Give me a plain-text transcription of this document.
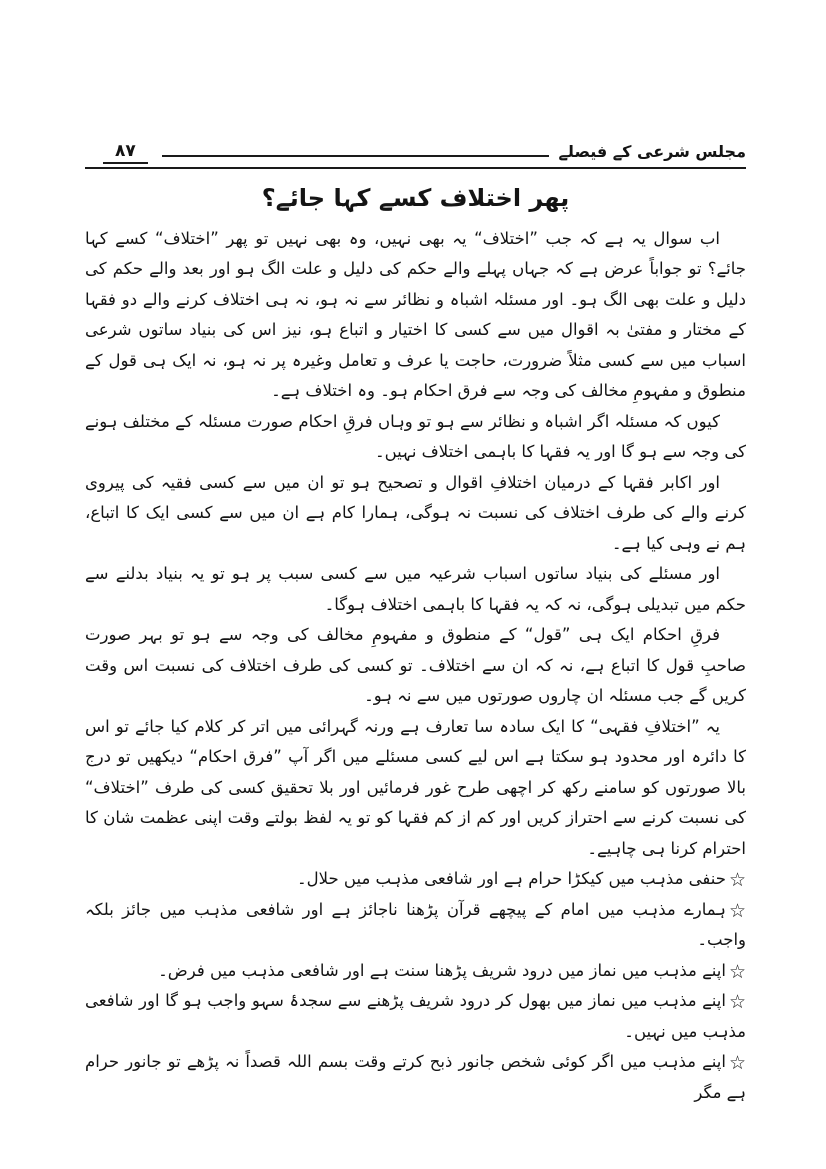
۸۷	مجلس شرعی کے فیصلے
پھر اختلاف کسے کہا جائے؟

اب سوال یہ ہے کہ جب ”اختلاف“ یہ بھی نہیں، وہ بھی نہیں تو پھر ”اختلاف“ کسے کہا جائے؟ تو جواباً عرض ہے کہ جہاں پہلے والے حکم کی دلیل و علت الگ ہو اور بعد والے حکم کی دلیل و علت بھی الگ ہو۔ اور مسئلہ اشباہ و نظائر سے نہ ہو، نہ ہی اختلاف کرنے والے دو فقہا کے مختار و مفتیٰ بہ اقوال میں سے کسی کا اختیار و اتباع ہو، نیز اس کی بنیاد ساتوں شرعی اسباب میں سے کسی مثلاً ضرورت، حاجت یا عرف و تعامل وغیرہ پر نہ ہو، نہ ایک ہی قول کے منطوق و مفہومِ مخالف کی وجہ سے فرق احکام ہو۔ وہ اختلاف ہے۔

کیوں کہ مسئلہ اگر اشباہ و نظائر سے ہو تو وہاں فرقِ احکام صورت مسئلہ کے مختلف ہونے کی وجہ سے ہو گا اور یہ فقہا کا باہمی اختلاف نہیں۔

اور اکابر فقہا کے درمیان اختلافِ اقوال و تصحیح ہو تو ان میں سے کسی فقیہ کی پیروی کرنے والے کی طرف اختلاف کی نسبت نہ ہوگی، ہمارا کام ہے ان میں سے کسی ایک کا اتباع، ہم نے وہی کیا ہے۔

اور مسئلے کی بنیاد ساتوں اسباب شرعیہ میں سے کسی سبب پر ہو تو یہ بنیاد بدلنے سے حکم میں تبدیلی ہوگی، نہ کہ یہ فقہا کا باہمی اختلاف ہوگا۔

فرقِ احکام ایک ہی ”قول“ کے منطوق و مفہومِ مخالف کی وجہ سے ہو تو بہر صورت صاحبِ قول کا اتباع ہے، نہ کہ ان سے اختلاف۔ تو کسی کی طرف اختلاف کی نسبت اس وقت کریں گے جب مسئلہ ان چاروں صورتوں میں سے نہ ہو۔

یہ ”اختلافِ فقہی“ کا ایک سادہ سا تعارف ہے ورنہ گہرائی میں اتر کر کلام کیا جائے تو اس کا دائرہ اور محدود ہو سکتا ہے اس لیے کسی مسئلے میں اگر آپ ”فرق احکام“ دیکھیں تو درج بالا صورتوں کو سامنے رکھ کر اچھی طرح غور فرمائیں اور بلا تحقیق کسی کی طرف ”اختلاف“ کی نسبت کرنے سے احتراز کریں اور کم از کم فقہا کو تو یہ لفظ بولتے وقت اپنی عظمت شان کا احترام کرنا ہی چاہیے۔

☆حنفی مذہب میں کیکڑا حرام ہے اور شافعی مذہب میں حلال۔
☆ہمارے مذہب میں امام کے پیچھے قرآن پڑھنا ناجائز ہے اور شافعی مذہب میں جائز بلکہ واجب۔
☆اپنے مذہب میں نماز میں درود شریف پڑھنا سنت ہے اور شافعی مذہب میں فرض۔
☆اپنے مذہب میں نماز میں بھول کر درود شریف پڑھنے سے سجدۂ سہو واجب ہو گا اور شافعی مذہب میں نہیں۔
☆اپنے مذہب میں اگر کوئی شخص جانور ذبح کرتے وقت بسم اللہ قصداً نہ پڑھے تو جانور حرام ہے مگر
